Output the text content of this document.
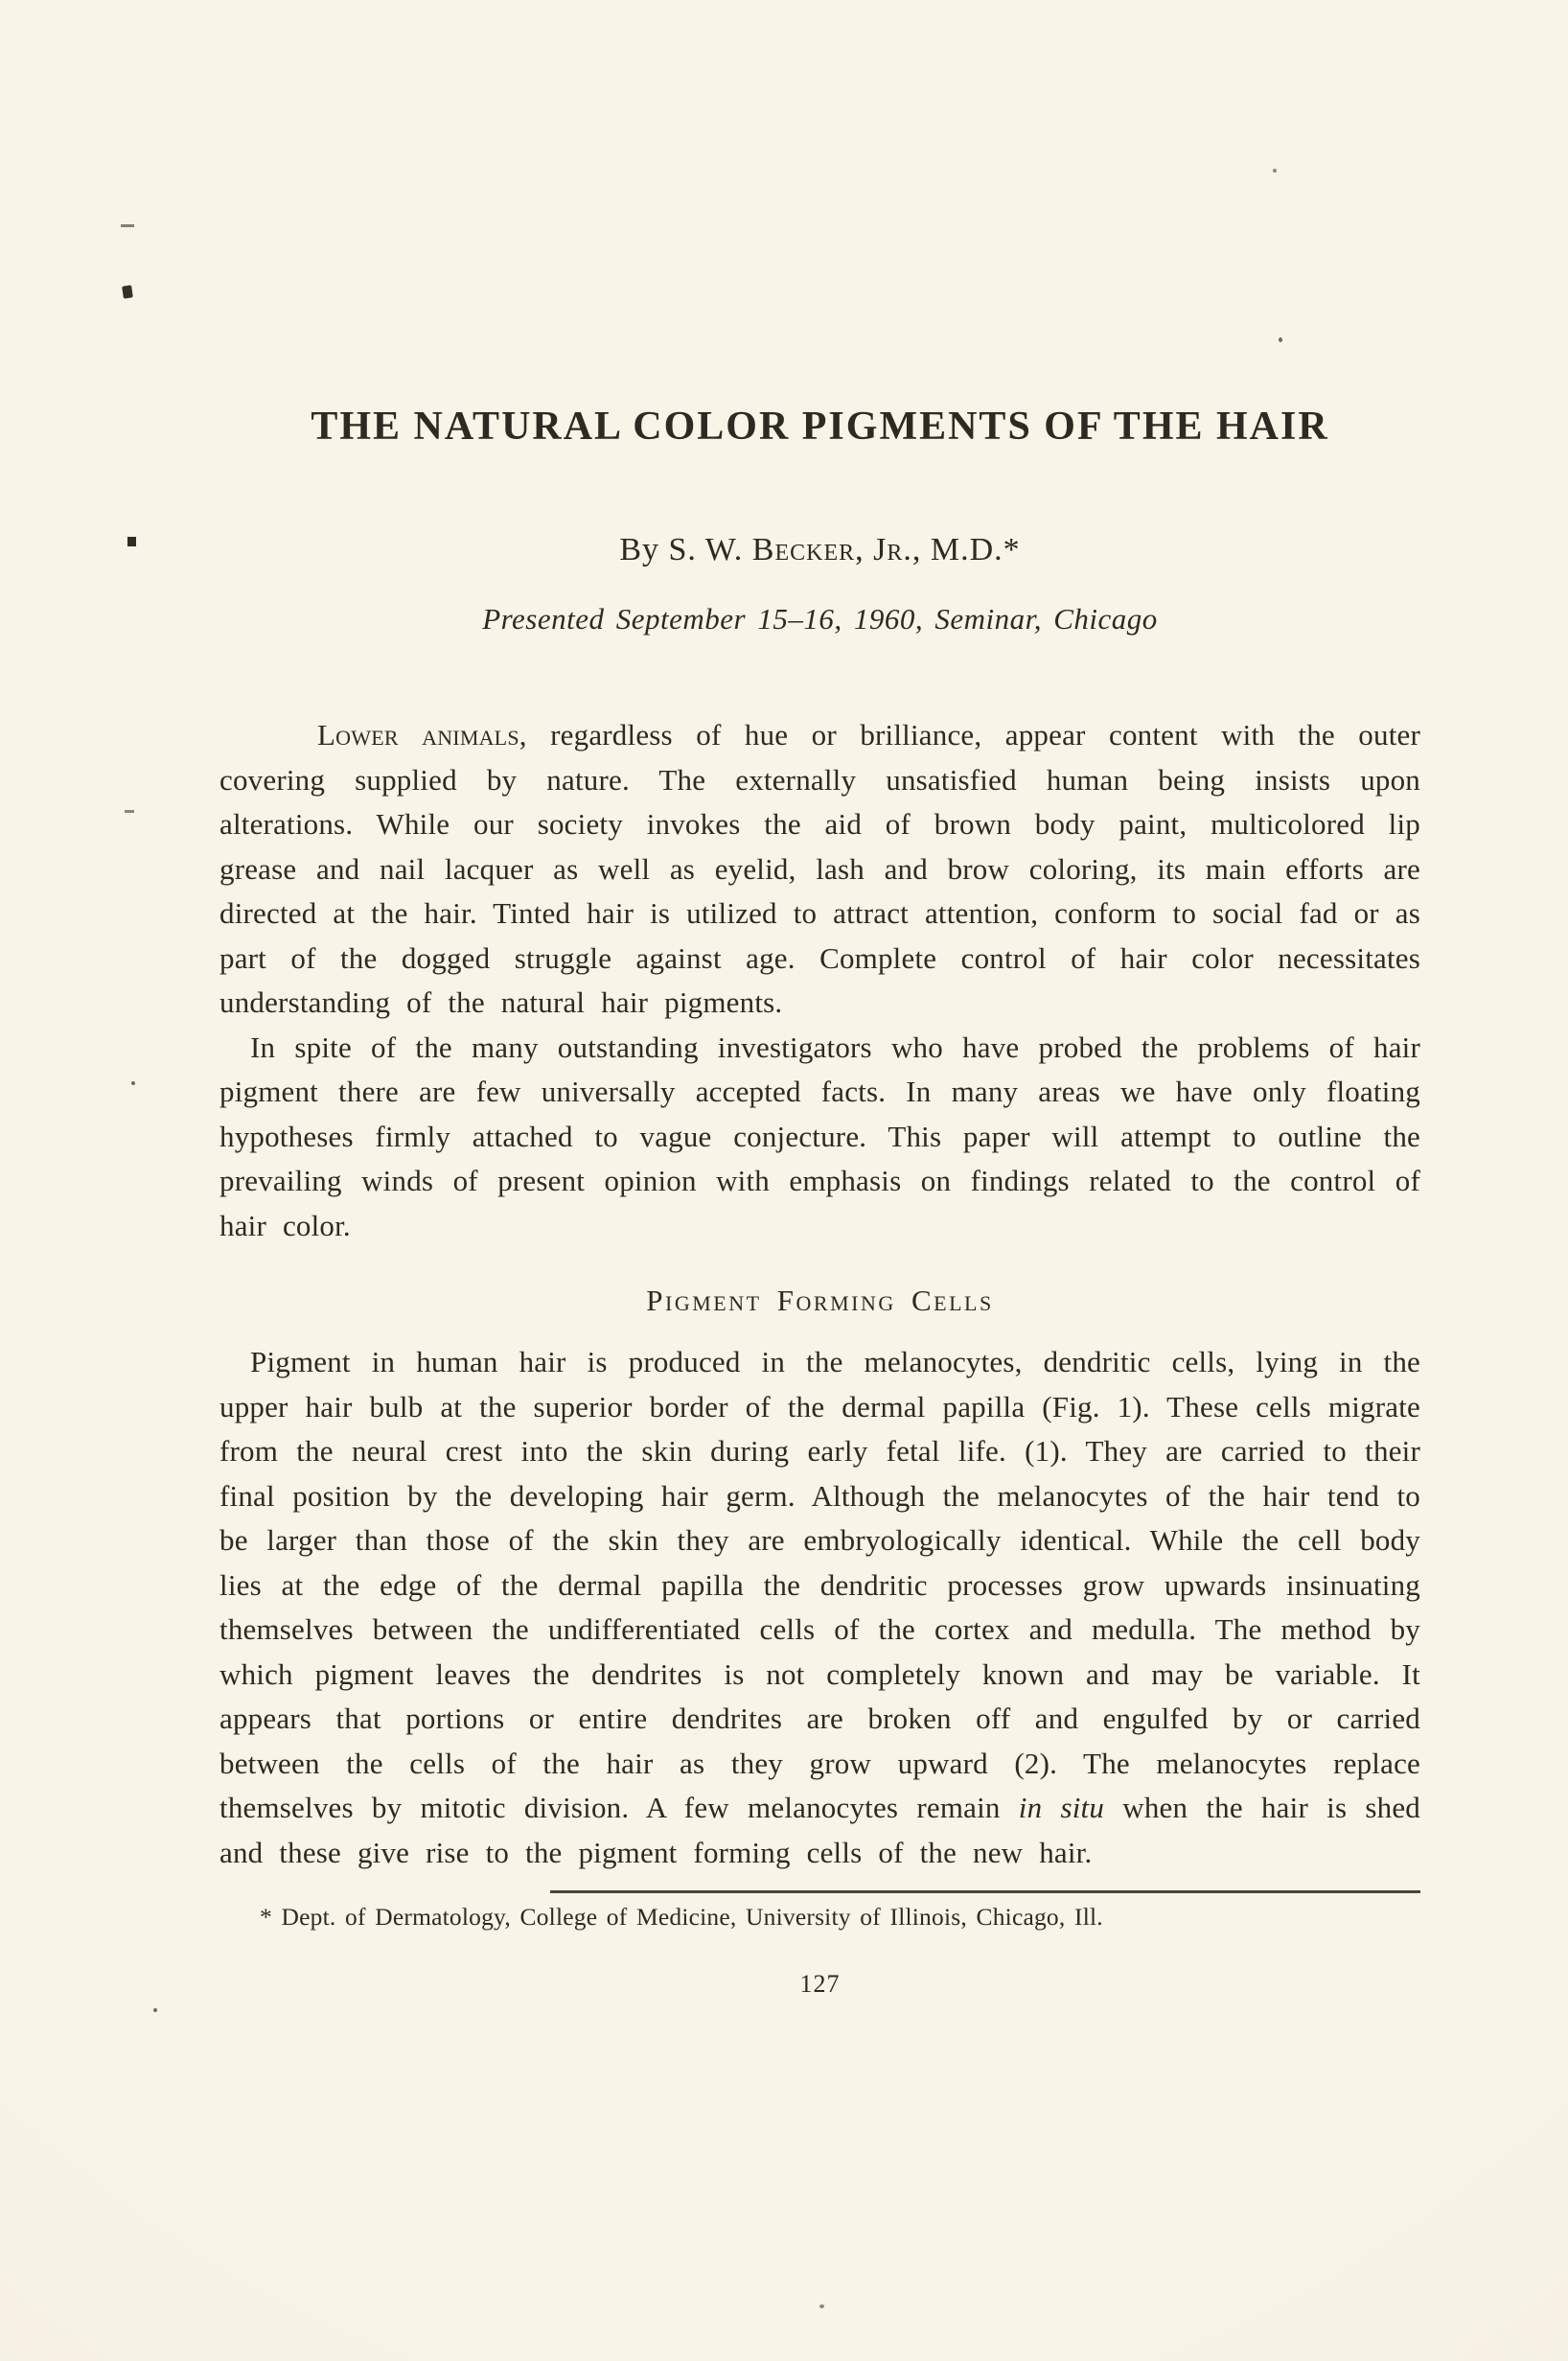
THE NATURAL COLOR PIGMENTS OF THE HAIR
By S. W. Becker, Jr., M.D.*
Presented September 15–16, 1960, Seminar, Chicago

Lower animals, regardless of hue or brilliance, appear content with the outer covering supplied by nature. The externally unsatisfied human being insists upon alterations. While our society invokes the aid of brown body paint, multicolored lip grease and nail lacquer as well as eyelid, lash and brow coloring, its main efforts are directed at the hair. Tinted hair is utilized to attract attention, conform to social fad or as part of the dogged struggle against age. Complete control of hair color necessitates understanding of the natural hair pigments.

In spite of the many outstanding investigators who have probed the problems of hair pigment there are few universally accepted facts. In many areas we have only floating hypotheses firmly attached to vague conjecture. This paper will attempt to outline the prevailing winds of present opinion with emphasis on findings related to the control of hair color.

Pigment Forming Cells

Pigment in human hair is produced in the melanocytes, dendritic cells, lying in the upper hair bulb at the superior border of the dermal papilla (Fig. 1). These cells migrate from the neural crest into the skin during early fetal life. (1). They are carried to their final position by the developing hair germ. Although the melanocytes of the hair tend to be larger than those of the skin they are embryologically identical. While the cell body lies at the edge of the dermal papilla the dendritic processes grow upwards insinuating themselves between the undifferentiated cells of the cortex and medulla. The method by which pigment leaves the dendrites is not completely known and may be variable. It appears that portions or entire dendrites are broken off and engulfed by or carried between the cells of the hair as they grow upward (2). The melanocytes replace themselves by mitotic division. A few melanocytes remain in situ when the hair is shed and these give rise to the pigment forming cells of the new hair.

* Dept. of Dermatology, College of Medicine, University of Illinois, Chicago, Ill.
127
